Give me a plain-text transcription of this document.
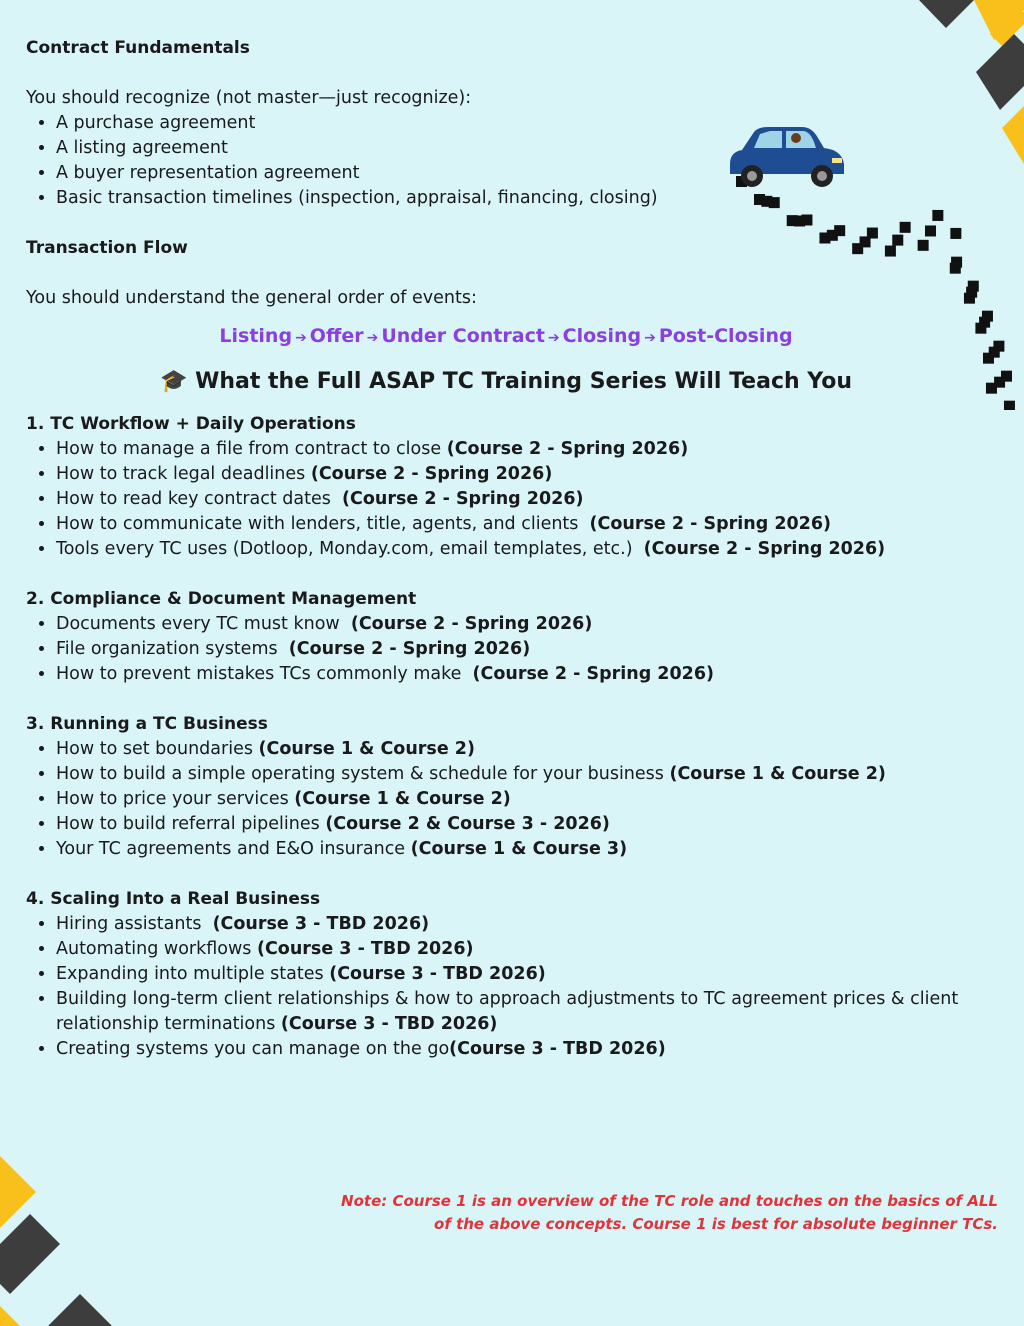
Contract Fundamentals

You should recognize (not master—just recognize):

• A purchase agreement
• A listing agreement
• A buyer representation agreement
• Basic transaction timelines (inspection, appraisal, financing, closing)

Transaction Flow

You should understand the general order of events:

Listing ➔ Offer ➔ Under Contract ➔ Closing ➔ Post-Closing
🎓 What the Full ASAP TC Training Series Will Teach You
1. TC Workflow + Daily Operations
• How to manage a file from contract to close (Course 2 - Spring 2026)
• How to track legal deadlines (Course 2 - Spring 2026)
• How to read key contract dates  (Course 2 - Spring 2026)
• How to communicate with lenders, title, agents, and clients  (Course 2 - Spring 2026)
• Tools every TC uses (Dotloop, Monday.com, email templates, etc.)  (Course 2 - Spring 2026)
2. Compliance & Document Management
• Documents every TC must know  (Course 2 - Spring 2026)
• File organization systems  (Course 2 - Spring 2026)
• How to prevent mistakes TCs commonly make  (Course 2 - Spring 2026)
3. Running a TC Business
• How to set boundaries (Course 1 & Course 2)
• How to build a simple operating system & schedule for your business (Course 1 & Course 2)
• How to price your services (Course 1 & Course 2)
• How to build referral pipelines (Course 2 & Course 3 - 2026)
• Your TC agreements and E&O insurance (Course 1 & Course 3)
4. Scaling Into a Real Business
• Hiring assistants  (Course 3 - TBD 2026)
• Automating workflows (Course 3 - TBD 2026)
• Expanding into multiple states (Course 3 - TBD 2026)
• Building long-term client relationships & how to approach adjustments to TC agreement prices & client relationship terminations (Course 3 - TBD 2026)
• Creating systems you can manage on the go(Course 3 - TBD 2026)
Note: Course 1 is an overview of the TC role and touches on the basics of ALL of the above concepts. Course 1 is best for absolute beginner TCs.
